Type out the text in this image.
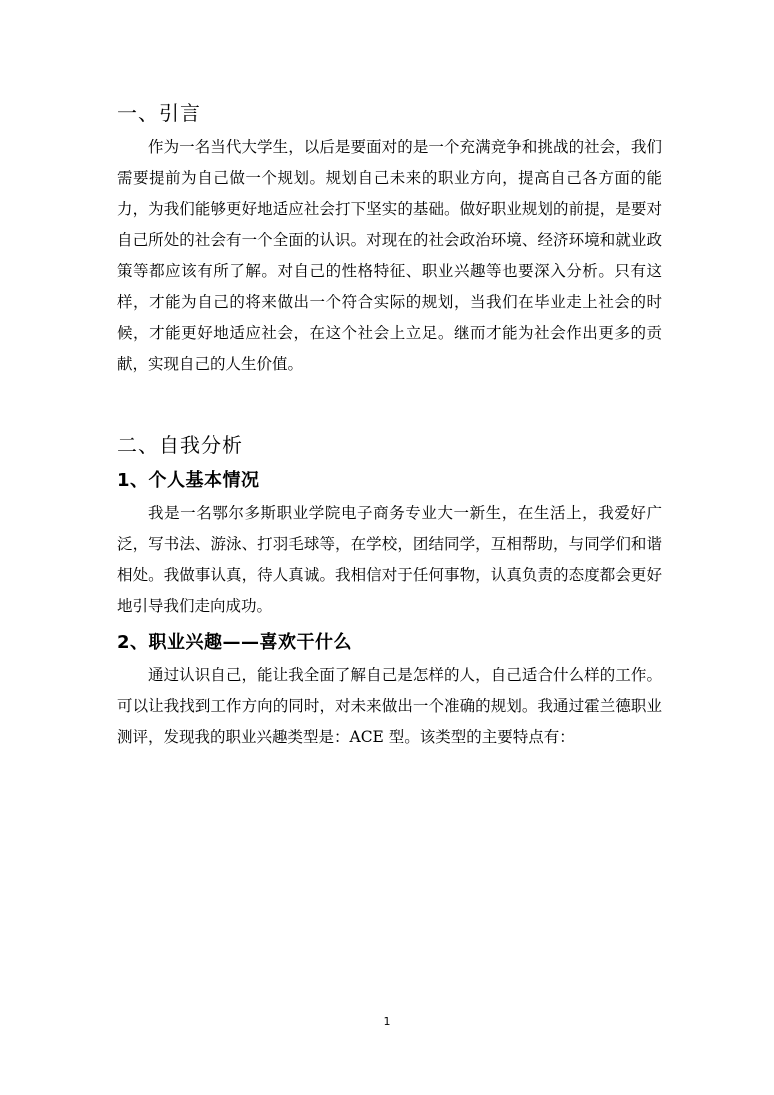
一、引言

作为一名当代大学生，以后是要面对的是一个充满竞争和挑战的社会，我们需要提前为自己做一个规划。规划自己未来的职业方向，提高自己各方面的能力，为我们能够更好地适应社会打下坚实的基础。做好职业规划的前提，是要对自己所处的社会有一个全面的认识。对现在的社会政治环境、经济环境和就业政策等都应该有所了解。对自己的性格特征、职业兴趣等也要深入分析。只有这样，才能为自己的将来做出一个符合实际的规划，当我们在毕业走上社会的时候，才能更好地适应社会，在这个社会上立足。继而才能为社会作出更多的贡献，实现自己的人生价值。

二、自我分析
1、个人基本情况

我是一名鄂尔多斯职业学院电子商务专业大一新生，在生活上，我爱好广泛，写书法、游泳、打羽毛球等，在学校，团结同学，互相帮助，与同学们和谐相处。我做事认真，待人真诚。我相信对于任何事物，认真负责的态度都会更好地引导我们走向成功。

2、职业兴趣——喜欢干什么

通过认识自己，能让我全面了解自己是怎样的人，自己适合什么样的工作。可以让我找到工作方向的同时，对未来做出一个准确的规划。我通过霍兰德职业测评，发现我的职业兴趣类型是：ACE 型。该类型的主要特点有：

1
